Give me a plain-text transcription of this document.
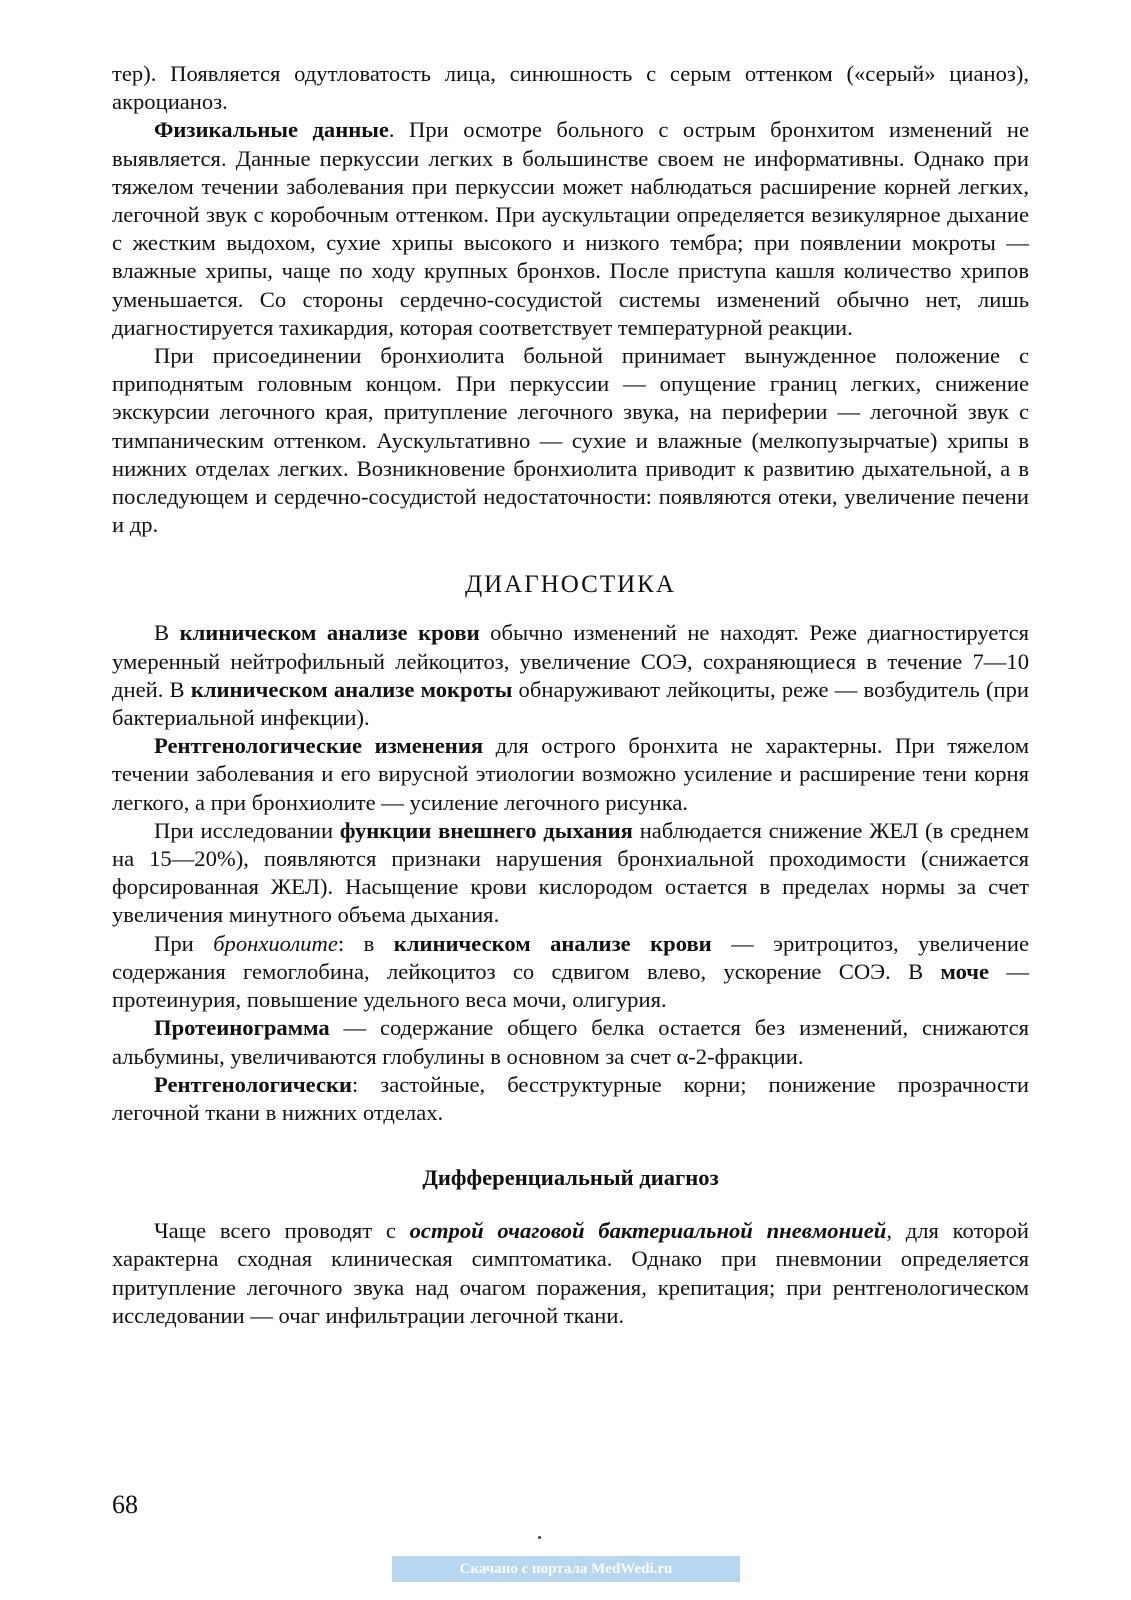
тер). Появляется одутловатость лица, синюшность с серым оттенком («серый» цианоз), акроцианоз.

Физикальные данные. При осмотре больного с острым бронхитом изменений не выявляется. Данные перкуссии легких в большинстве своем не информативны. Однако при тяжелом течении заболевания при перкуссии может наблюдаться расширение корней легких, легочной звук с коробочным оттенком. При аускультации определяется везикулярное дыхание с жестким выдохом, сухие хрипы высокого и низкого тембра; при появлении мокроты — влажные хрипы, чаще по ходу крупных бронхов. После приступа кашля количество хрипов уменьшается. Со стороны сердечно-сосудистой системы изменений обычно нет, лишь диагностируется тахикардия, которая соответствует температурной реакции.

При присоединении бронхиолита больной принимает вынужденное положение с приподнятым головным концом. При перкуссии — опущение границ легких, снижение экскурсии легочного края, притупление легочного звука, на периферии — легочной звук с тимпаническим оттенком. Аускультативно — сухие и влажные (мелкопузырчатые) хрипы в нижних отделах легких. Возникновение бронхиолита приводит к развитию дыхательной, а в последующем и сердечно-сосудистой недостаточности: появляются отеки, увеличение печени и др.

ДИАГНОСТИКА

В клиническом анализе крови обычно изменений не находят. Реже диагностируется умеренный нейтрофильный лейкоцитоз, увеличение СОЭ, сохраняющиеся в течение 7—10 дней. В клиническом анализе мокроты обнаруживают лейкоциты, реже — возбудитель (при бактериальной инфекции).

Рентгенологические изменения для острого бронхита не характерны. При тяжелом течении заболевания и его вирусной этиологии возможно усиление и расширение тени корня легкого, а при бронхиолите — усиление легочного рисунка.

При исследовании функции внешнего дыхания наблюдается снижение ЖЕЛ (в среднем на 15—20%), появляются признаки нарушения бронхиальной проходимости (снижается форсированная ЖЕЛ). Насыщение крови кислородом остается в пределах нормы за счет увеличения минутного объема дыхания.

При бронхиолите: в клиническом анализе крови — эритроцитоз, увеличение содержания гемоглобина, лейкоцитоз со сдвигом влево, ускорение СОЭ. В моче — протеинурия, повышение удельного веса мочи, олигурия.

Протеинограмма — содержание общего белка остается без изменений, снижаются альбумины, увеличиваются глобулины в основном за счет α-2-фракции.

Рентгенологически: застойные, бесструктурные корни; понижение прозрачности легочной ткани в нижних отделах.

Дифференциальный диагноз

Чаще всего проводят с острой очаговой бактериальной пневмонией, для которой характерна сходная клиническая симптоматика. Однако при пневмонии определяется притупление легочного звука над очагом поражения, крепитация; при рентгенологическом исследовании — очаг инфильтрации легочной ткани.

68
Скачано с портала MedWedi.ru
